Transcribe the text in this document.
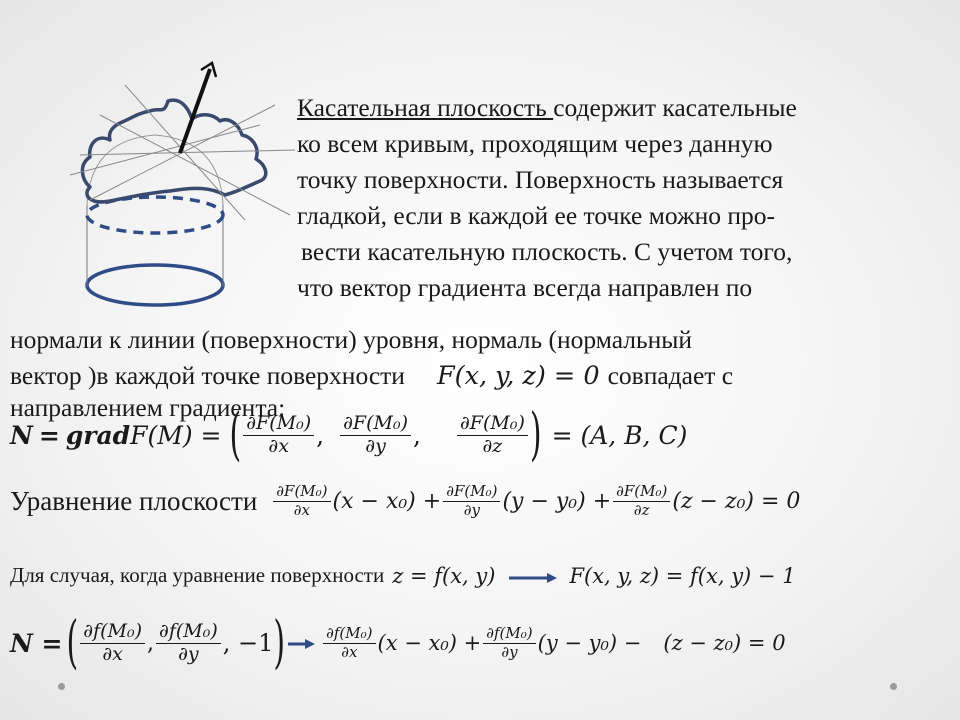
Касательная плоскость содержит касательные
ко всем кривым, проходящим через данную
точку поверхности. Поверхность называется
гладкой, если в каждой ее точке можно про-
вести касательную плоскость. С учетом того,
что вектор градиента всегда направлен по
нормали к линии (поверхности) уровня, нормаль (нормальный
вектор )в каждой точке поверхности F(x, y, z) = 0 совпадает с
направлением градиента:
N = grad F(M) = ( $\frac{\text{∂F(M₀)}}{\partial x}$ , $\frac{\text{∂F(M₀)}}{\partial y}$ , $\frac{\text{∂F(M₀)}}{\partial z}$ ) = (A, B, C)
Уравнение плоскости $\frac{\text{∂F(M₀)}}{\partial x} (x - x_0) + \frac{\text{∂F(M₀)}}{\partial y} (y - y_0) + \frac{\text{∂F(M₀)}}{\partial z} (z - z_0) = 0$
Для случая, когда уравнение поверхности z = f(x, y)	F(x, y, z) = f(x, y) − 1
N = ( $\frac{\text{∂f(M₀)}}{\partial x}$ , $\frac{\text{∂f(M₀)}}{\partial y}$ , −1 )	$\frac{\text{∂f(M₀)}}{\partial x} (x - x_0) + \frac{\text{∂f(M₀)}}{\partial y} (y - y_0) - (z - z_0) = 0$
